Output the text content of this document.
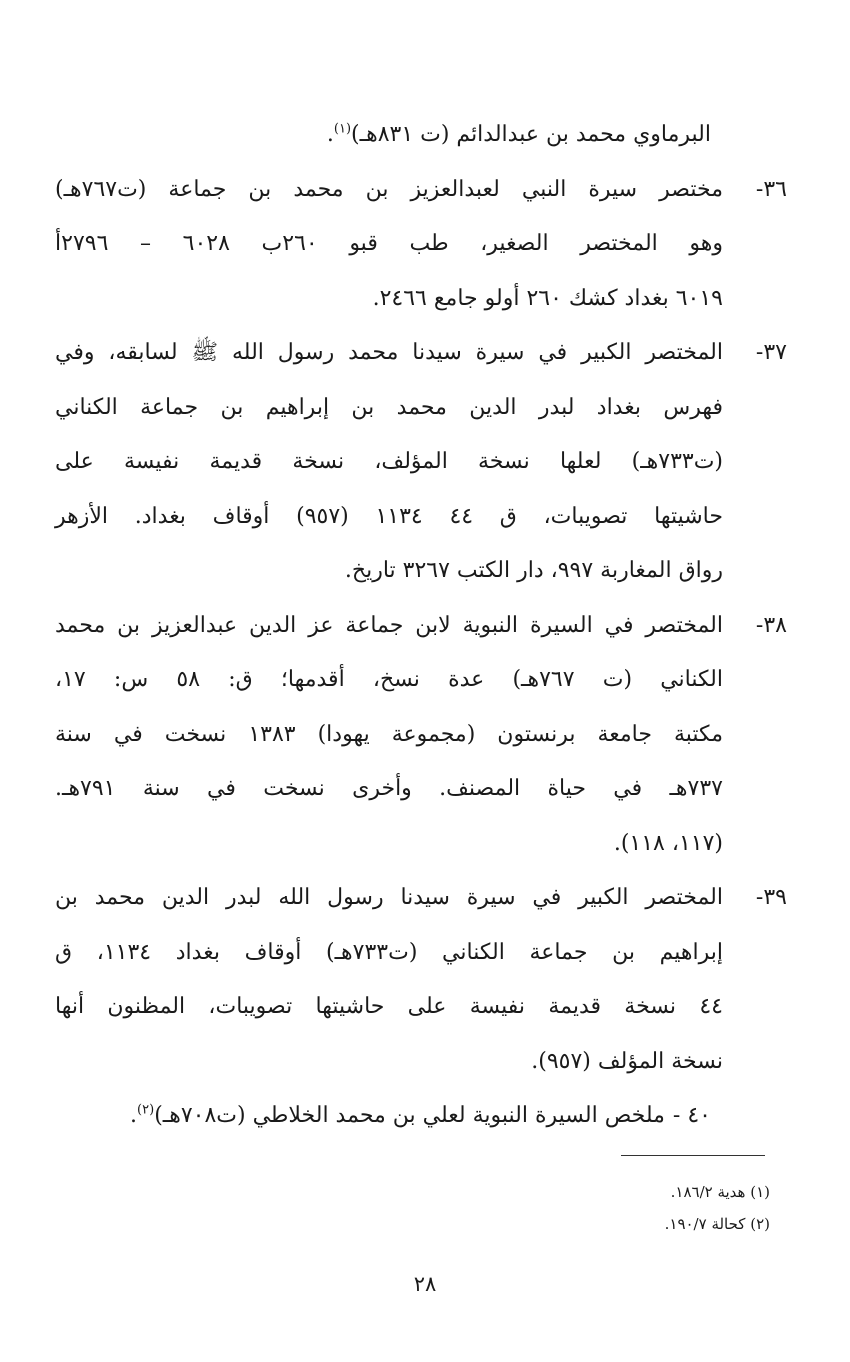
البرماوي محمد بن عبدالدائم (ت ٨٣١هـ)$^{(١)}$.
٣٦-
مختصر سيرة النبي لعبدالعزيز بن محمد بن جماعة (ت٧٦٧هـ)
وهو المختصر الصغير، طب قبو ٢٦٠ب ٦٠٢٨ – ٢٧٩٦أ
٦٠١٩ بغداد كشك ٢٦٠ أولو جامع ٢٤٦٦.
٣٧-
المختصر الكبير في سيرة سيدنا محمد رسول الله ﷺ لسابقه، وفي
فهرس بغداد لبدر الدين محمد بن إبراهيم بن جماعة الكناني
(ت٧٣٣هـ) لعلها نسخة المؤلف، نسخة قديمة نفيسة على
حاشيتها تصويبات، ق ٤٤ ١١٣٤ (٩٥٧) أوقاف بغداد. الأزهر
رواق المغاربة ٩٩٧، دار الكتب ٣٢٦٧ تاريخ.
٣٨-
المختصر في السيرة النبوية لابن جماعة عز الدين عبدالعزيز بن محمد
الكناني (ت ٧٦٧هـ) عدة نسخ، أقدمها؛ ق: ٥٨ س: ١٧،
مكتبة جامعة برنستون (مجموعة يهودا) ١٣٨٣ نسخت في سنة
٧٣٧هـ في حياة المصنف. وأخرى نسخت في سنة ٧٩١هـ.
(١١٧، ١١٨).
٣٩-
المختصر الكبير في سيرة سيدنا رسول الله لبدر الدين محمد بن
إبراهيم بن جماعة الكناني (ت٧٣٣هـ) أوقاف بغداد ١١٣٤، ق
٤٤ نسخة قديمة نفيسة على حاشيتها تصويبات، المظنون أنها
نسخة المؤلف (٩٥٧).
٤٠ -ملخص السيرة النبوية لعلي بن محمد الخلاطي (ت٧٠٨هـ)$^{(٢)}$.
(١) هدية ١٨٦/٢.
(٢) كحالة ١٩٠/٧.
٢٨
